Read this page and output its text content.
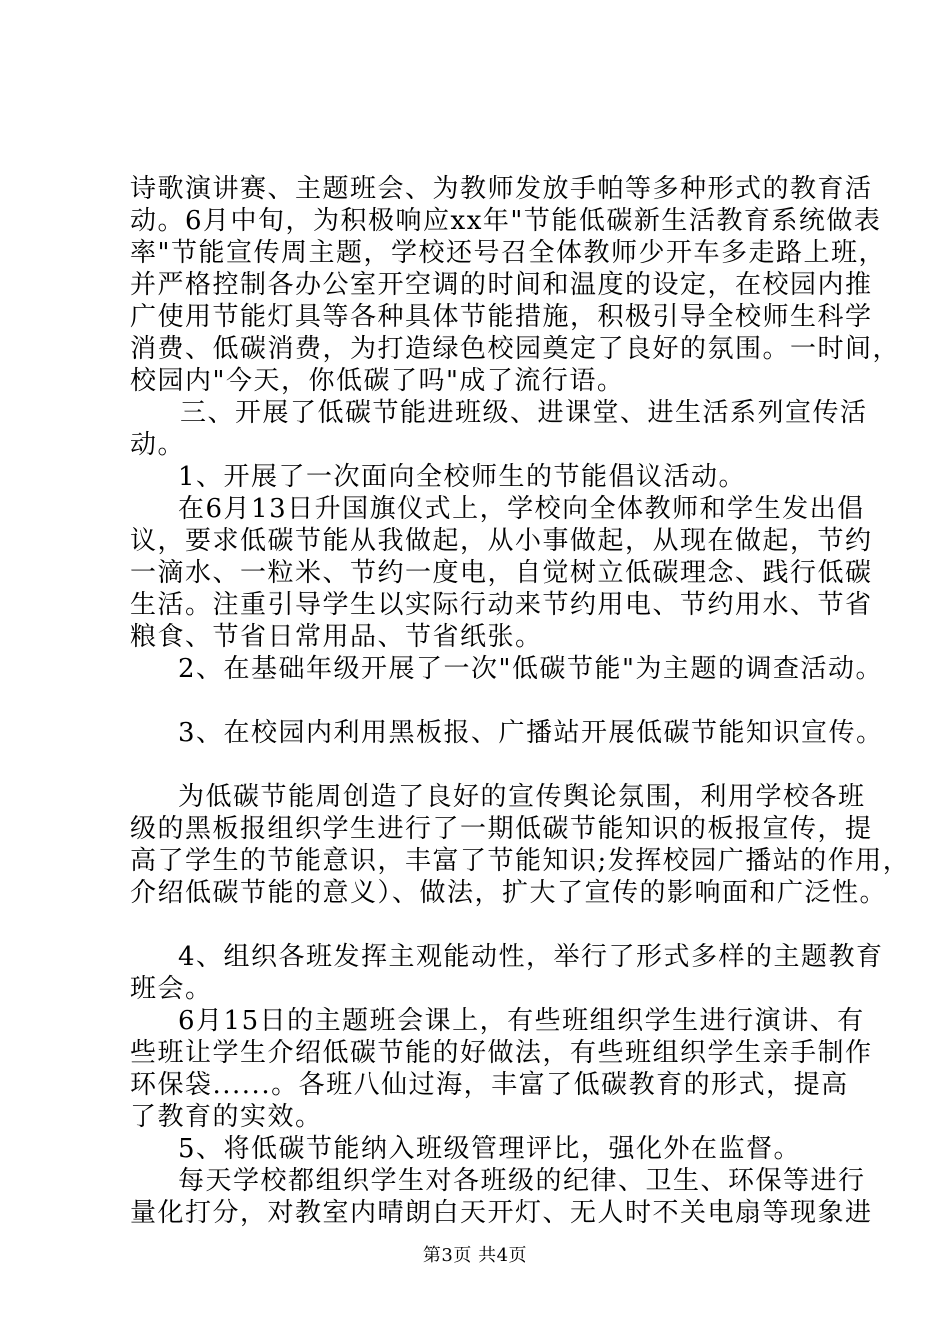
诗歌演讲赛、主题班会、为教师发放手帕等多种形式的教育活
动。6月中旬，为积极响应xx年"节能低碳新生活教育系统做表
率"节能宣传周主题，学校还号召全体教师少开车多走路上班，
并严格控制各办公室开空调的时间和温度的设定，在校园内推
广使用节能灯具等各种具体节能措施，积极引导全校师生科学
消费、低碳消费，为打造绿色校园奠定了良好的氛围。一时间，
校园内"今天，你低碳了吗"成了流行语。
三、开展了低碳节能进班级、进课堂、进生活系列宣传活
动。
1、开展了一次面向全校师生的节能倡议活动。
在6月13日升国旗仪式上，学校向全体教师和学生发出倡
议，要求低碳节能从我做起，从小事做起，从现在做起，节约
一滴水、一粒米、节约一度电，自觉树立低碳理念、践行低碳
生活。注重引导学生以实际行动来节约用电、节约用水、节省
粮食、节省日常用品、节省纸张。
2、在基础年级开展了一次"低碳节能"为主题的调查活动。
3、在校园内利用黑板报、广播站开展低碳节能知识宣传。
为低碳节能周创造了良好的宣传舆论氛围，利用学校各班
级的黑板报组织学生进行了一期低碳节能知识的板报宣传，提
高了学生的节能意识，丰富了节能知识;发挥校园广播站的作用，
介绍低碳节能的意义）、做法，扩大了宣传的影响面和广泛性。
4、组织各班发挥主观能动性，举行了形式多样的主题教育
班会。
6月15日的主题班会课上，有些班组织学生进行演讲、有
些班让学生介绍低碳节能的好做法，有些班组织学生亲手制作
环保袋......。各班八仙过海，丰富了低碳教育的形式，提高
了教育的实效。
5、将低碳节能纳入班级管理评比，强化外在监督。
每天学校都组织学生对各班级的纪律、卫生、环保等进行
量化打分，对教室内晴朗白天开灯、无人时不关电扇等现象进
第3页 共4页
